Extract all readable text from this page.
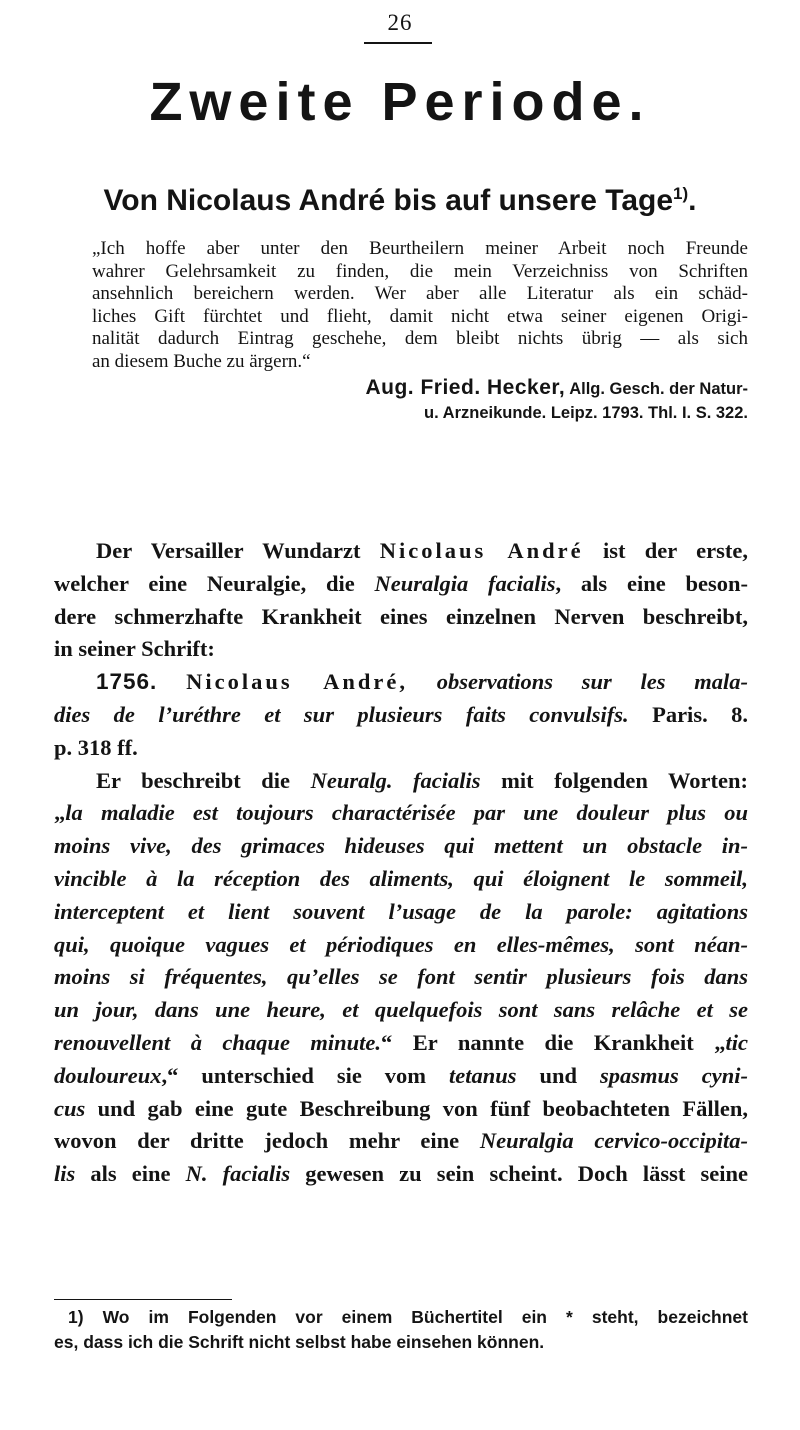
26
Zweite Periode.
Von Nicolaus André bis auf unsere Tage$^{1)}$.
„Ich hoffe aber unter den Beurtheilern meiner Arbeit noch Freunde
wahrer Gelehrsamkeit zu finden, die mein Verzeichniss von Schriften
ansehnlich bereichern werden. Wer aber alle Literatur als ein schäd-
liches Gift fürchtet und flieht, damit nicht etwa seiner eigenen Origi-
nalität dadurch Eintrag geschehe, dem bleibt nichts übrig — als sich
an diesem Buche zu ärgern.“
Aug. Fried. Hecker, Allg. Gesch. der Natur-
u. Arzneikunde. Leipz. 1793. Thl. I. S. 322.
Der Versailler Wundarzt Nicolaus André ist der erste,
welcher eine Neuralgie, die Neuralgia facialis, als eine beson-
dere schmerzhafte Krankheit eines einzelnen Nerven beschreibt,
in seiner Schrift:
1756. Nicolaus André, observations sur les mala-
dies de l’uréthre et sur plusieurs faits convulsifs. Paris. 8.
p. 318 ff.
Er beschreibt die Neuralg. facialis mit folgenden Worten:
„la maladie est toujours charactérisée par une douleur plus ou
moins vive, des grimaces hideuses qui mettent un obstacle in-
vincible à la réception des aliments, qui éloignent le sommeil,
interceptent et lient souvent l’usage de la parole: agitations
qui, quoique vagues et périodiques en elles-mêmes, sont néan-
moins si fréquentes, qu’elles se font sentir plusieurs fois dans
un jour, dans une heure, et quelquefois sont sans relâche et se
renouvellent à chaque minute.“ Er nannte die Krankheit „tic
douloureux,“ unterschied sie vom tetanus und spasmus cyni-
cus und gab eine gute Beschreibung von fünf beobachteten Fällen,
wovon der dritte jedoch mehr eine Neuralgia cervico-occipita-
lis als eine N. facialis gewesen zu sein scheint. Doch lässt seine
1) Wo im Folgenden vor einem Büchertitel ein * steht, bezeichnet
es, dass ich die Schrift nicht selbst habe einsehen können.
